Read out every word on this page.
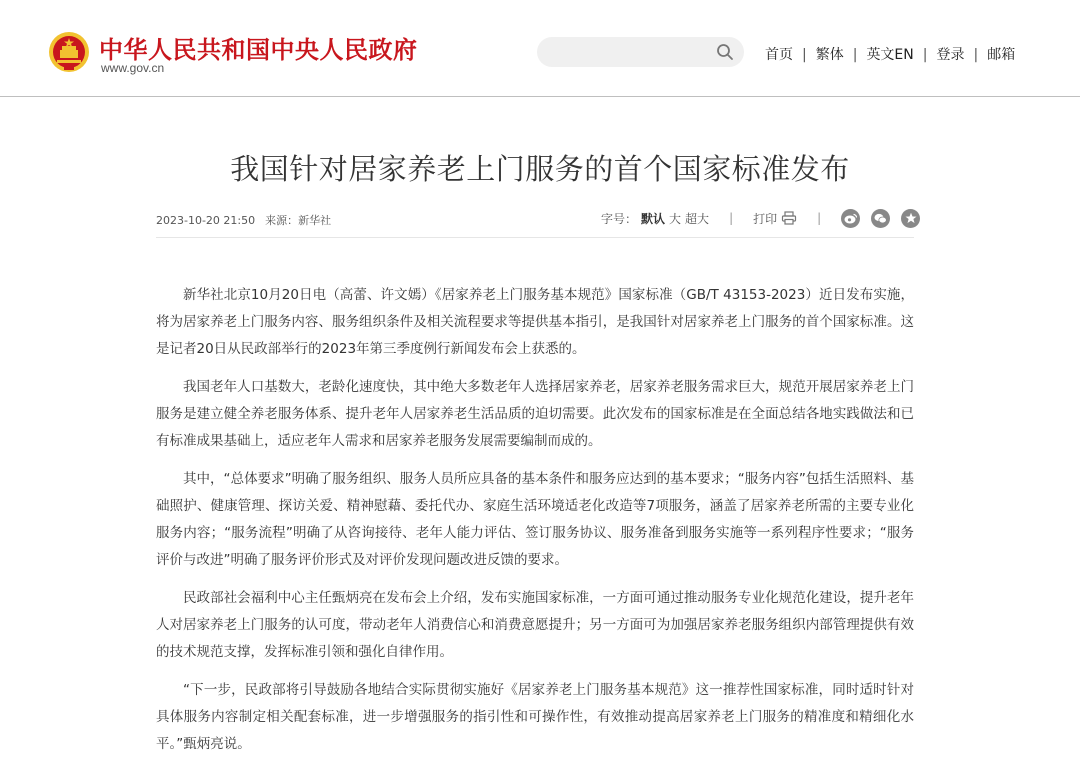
中华人民共和国中央人民政府
www.gov.cn
首页 | 繁体 | 英文EN | 登录 | 邮箱
我国针对居家养老上门服务的首个国家标准发布
2023-10-20 21:50 来源：新华社	字号： 默认 大 超大 | 打印	|

新华社北京10月20日电（高蕾、许文嫣）《居家养老上门服务基本规范》国家标准（GB/T 43153-2023）近日发布实施，将为居家养老上门服务内容、服务组织条件及相关流程要求等提供基本指引，是我国针对居家养老上门服务的首个国家标准。这是记者20日从民政部举行的2023年第三季度例行新闻发布会上获悉的。

我国老年人口基数大，老龄化速度快，其中绝大多数老年人选择居家养老，居家养老服务需求巨大，规范开展居家养老上门服务是建立健全养老服务体系、提升老年人居家养老生活品质的迫切需要。此次发布的国家标准是在全面总结各地实践做法和已有标准成果基础上，适应老年人需求和居家养老服务发展需要编制而成的。

其中，“总体要求”明确了服务组织、服务人员所应具备的基本条件和服务应达到的基本要求；“服务内容”包括生活照料、基础照护、健康管理、探访关爱、精神慰藉、委托代办、家庭生活环境适老化改造等7项服务，涵盖了居家养老所需的主要专业化服务内容；“服务流程”明确了从咨询接待、老年人能力评估、签订服务协议、服务准备到服务实施等一系列程序性要求；“服务评价与改进”明确了服务评价形式及对评价发现问题改进反馈的要求。

民政部社会福利中心主任甄炳亮在发布会上介绍，发布实施国家标准，一方面可通过推动服务专业化规范化建设，提升老年人对居家养老上门服务的认可度，带动老年人消费信心和消费意愿提升；另一方面可为加强居家养老服务组织内部管理提供有效的技术规范支撑，发挥标准引领和强化自律作用。

“下一步，民政部将引导鼓励各地结合实际贯彻实施好《居家养老上门服务基本规范》这一推荐性国家标准，同时适时针对具体服务内容制定相关配套标准，进一步增强服务的指引性和可操作性，有效推动提高居家养老上门服务的精准度和精细化水平。”甄炳亮说。
